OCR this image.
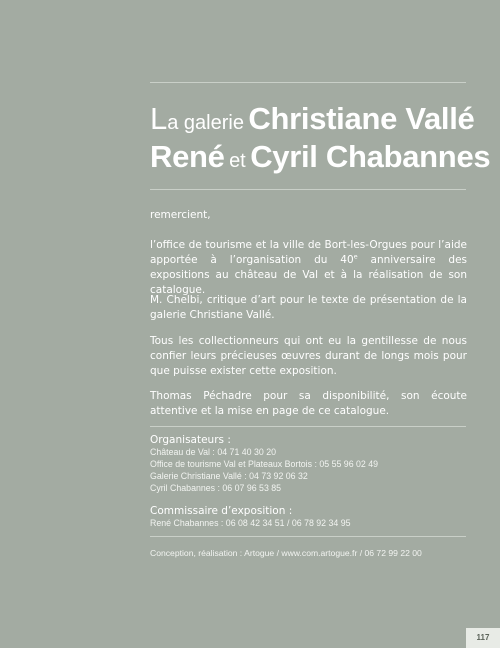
La galerie Christiane Vallé
René et Cyril Chabannes

remercient,

l’office de tourisme et la ville de Bort-les-Orgues pour l’aide apportée à l’organisation du 40e anniversaire des expositions au château de Val et à la réalisation de son catalogue.

M. Chelbi, critique d’art pour le texte de présentation de la galerie Christiane Vallé.

Tous les collectionneurs qui ont eu la gentillesse de nous confier leurs précieuses œuvres durant de longs mois pour que puisse exister cette exposition.

Thomas Péchadre pour sa disponibilité, son écoute attentive et la mise en page de ce catalogue.

Organisateurs :
Château de Val : 04 71 40 30 20
Office de tourisme Val et Plateaux Bortois : 05 55 96 02 49
Galerie Christiane Vallé : 04 73 92 06 32
Cyril Chabannes : 06 07 96 53 85
Commissaire d’exposition :
René Chabannes : 06 08 42 34 51 / 06 78 92 34 95
Conception, réalisation : Artogue / www.com.artogue.fr / 06 72 99 22 00
117
